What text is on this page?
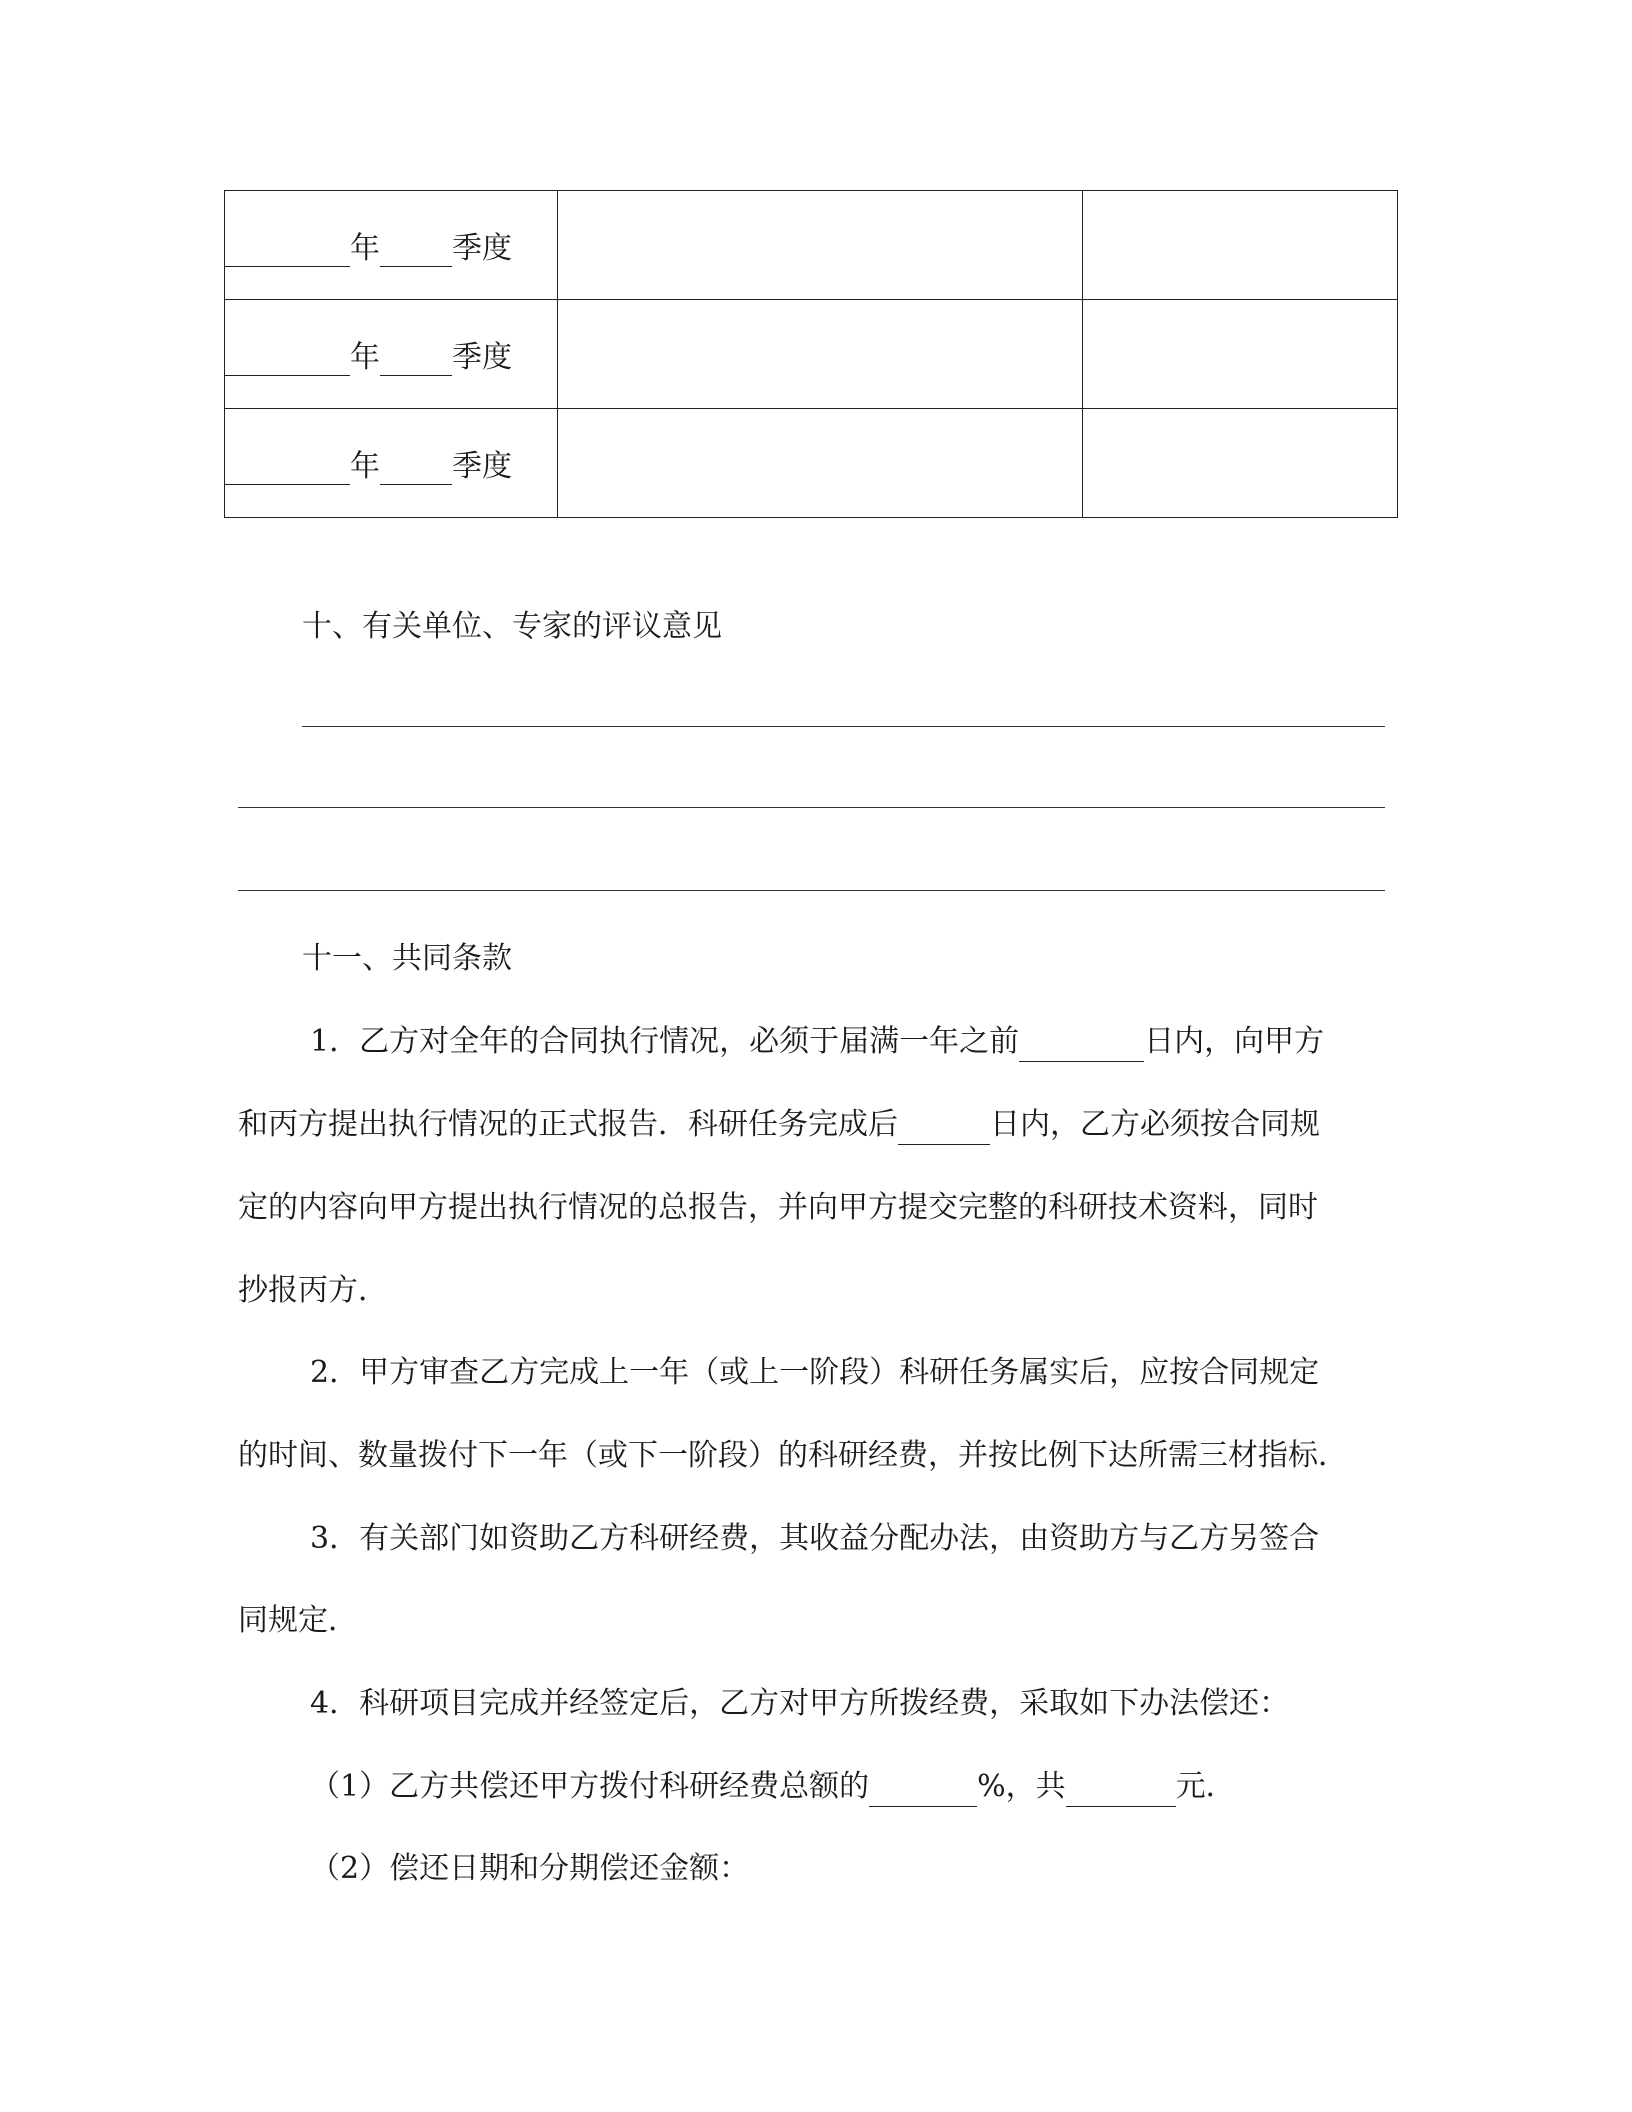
年 季度		
年 季度		
年 季度		
十、有关单位、专家的评议意见
十一、共同条款
1．乙方对全年的合同执行情况，必须于届满一年之前	日内，向甲方
和丙方提出执行情况的正式报告．科研任务完成后	日内，乙方必须按合同规
定的内容向甲方提出执行情况的总报告，并向甲方提交完整的科研技术资料，同时
抄报丙方．
2．甲方审查乙方完成上一年（或上一阶段）科研任务属实后，应按合同规定
的时间、数量拨付下一年（或下一阶段）的科研经费，并按比例下达所需三材指标．
3．有关部门如资助乙方科研经费，其收益分配办法，由资助方与乙方另签合
同规定．
4．科研项目完成并经签定后，乙方对甲方所拨经费，采取如下办法偿还：
（1）乙方共偿还甲方拨付科研经费总额的	%，共	元．
（2）偿还日期和分期偿还金额：
